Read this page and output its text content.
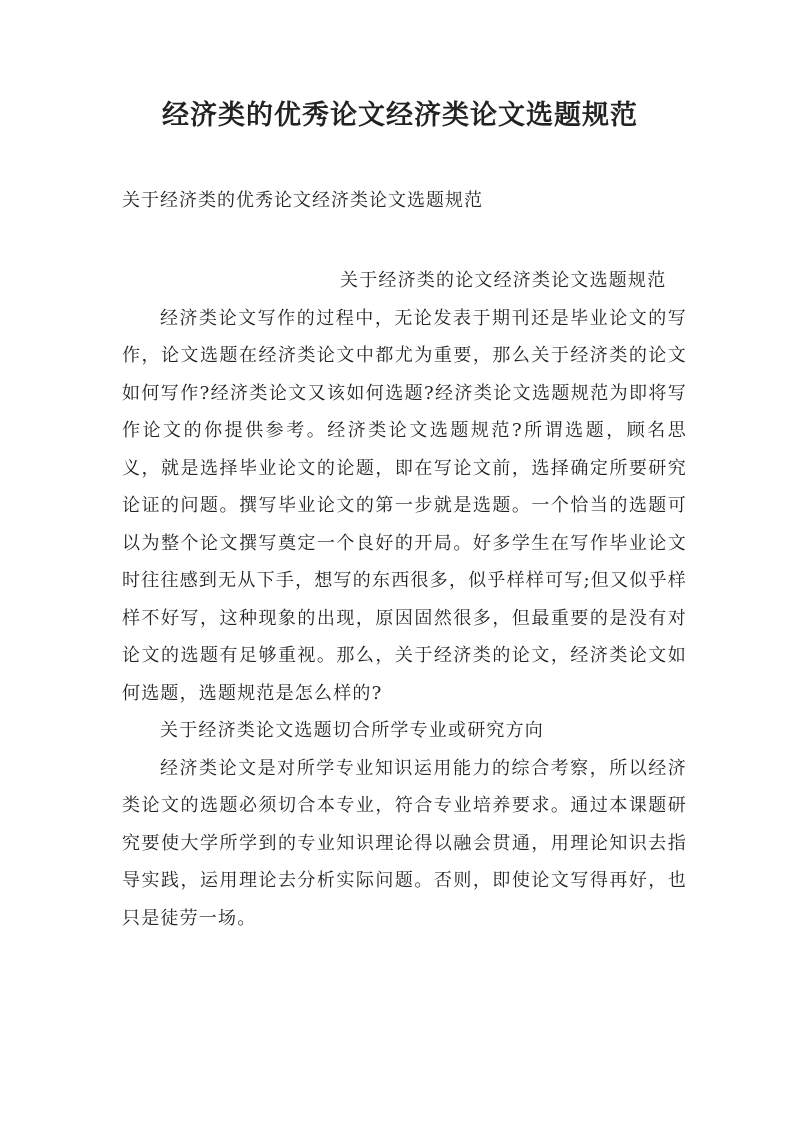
经济类的优秀论文经济类论文选题规范
关于经济类的优秀论文经济类论文选题规范

关于经济类的论文经济类论文选题规范

经济类论文写作的过程中，无论发表于期刊还是毕业论文的写作，论文选题在经济类论文中都尤为重要，那么关于经济类的论文如何写作?经济类论文又该如何选题?经济类论文选题规范为即将写作论文的你提供参考。经济类论文选题规范?所谓选题，顾名思义，就是选择毕业论文的论题，即在写论文前，选择确定所要研究论证的问题。撰写毕业论文的第一步就是选题。一个恰当的选题可以为整个论文撰写奠定一个良好的开局。好多学生在写作毕业论文时往往感到无从下手，想写的东西很多，似乎样样可写;但又似乎样样不好写，这种现象的出现，原因固然很多，但最重要的是没有对论文的选题有足够重视。那么，关于经济类的论文，经济类论文如何选题，选题规范是怎么样的?

关于经济类论文选题切合所学专业或研究方向

经济类论文是对所学专业知识运用能力的综合考察，所以经济类论文的选题必须切合本专业，符合专业培养要求。通过本课题研究要使大学所学到的专业知识理论得以融会贯通，用理论知识去指导实践，运用理论去分析实际问题。否则，即使论文写得再好，也只是徒劳一场。
